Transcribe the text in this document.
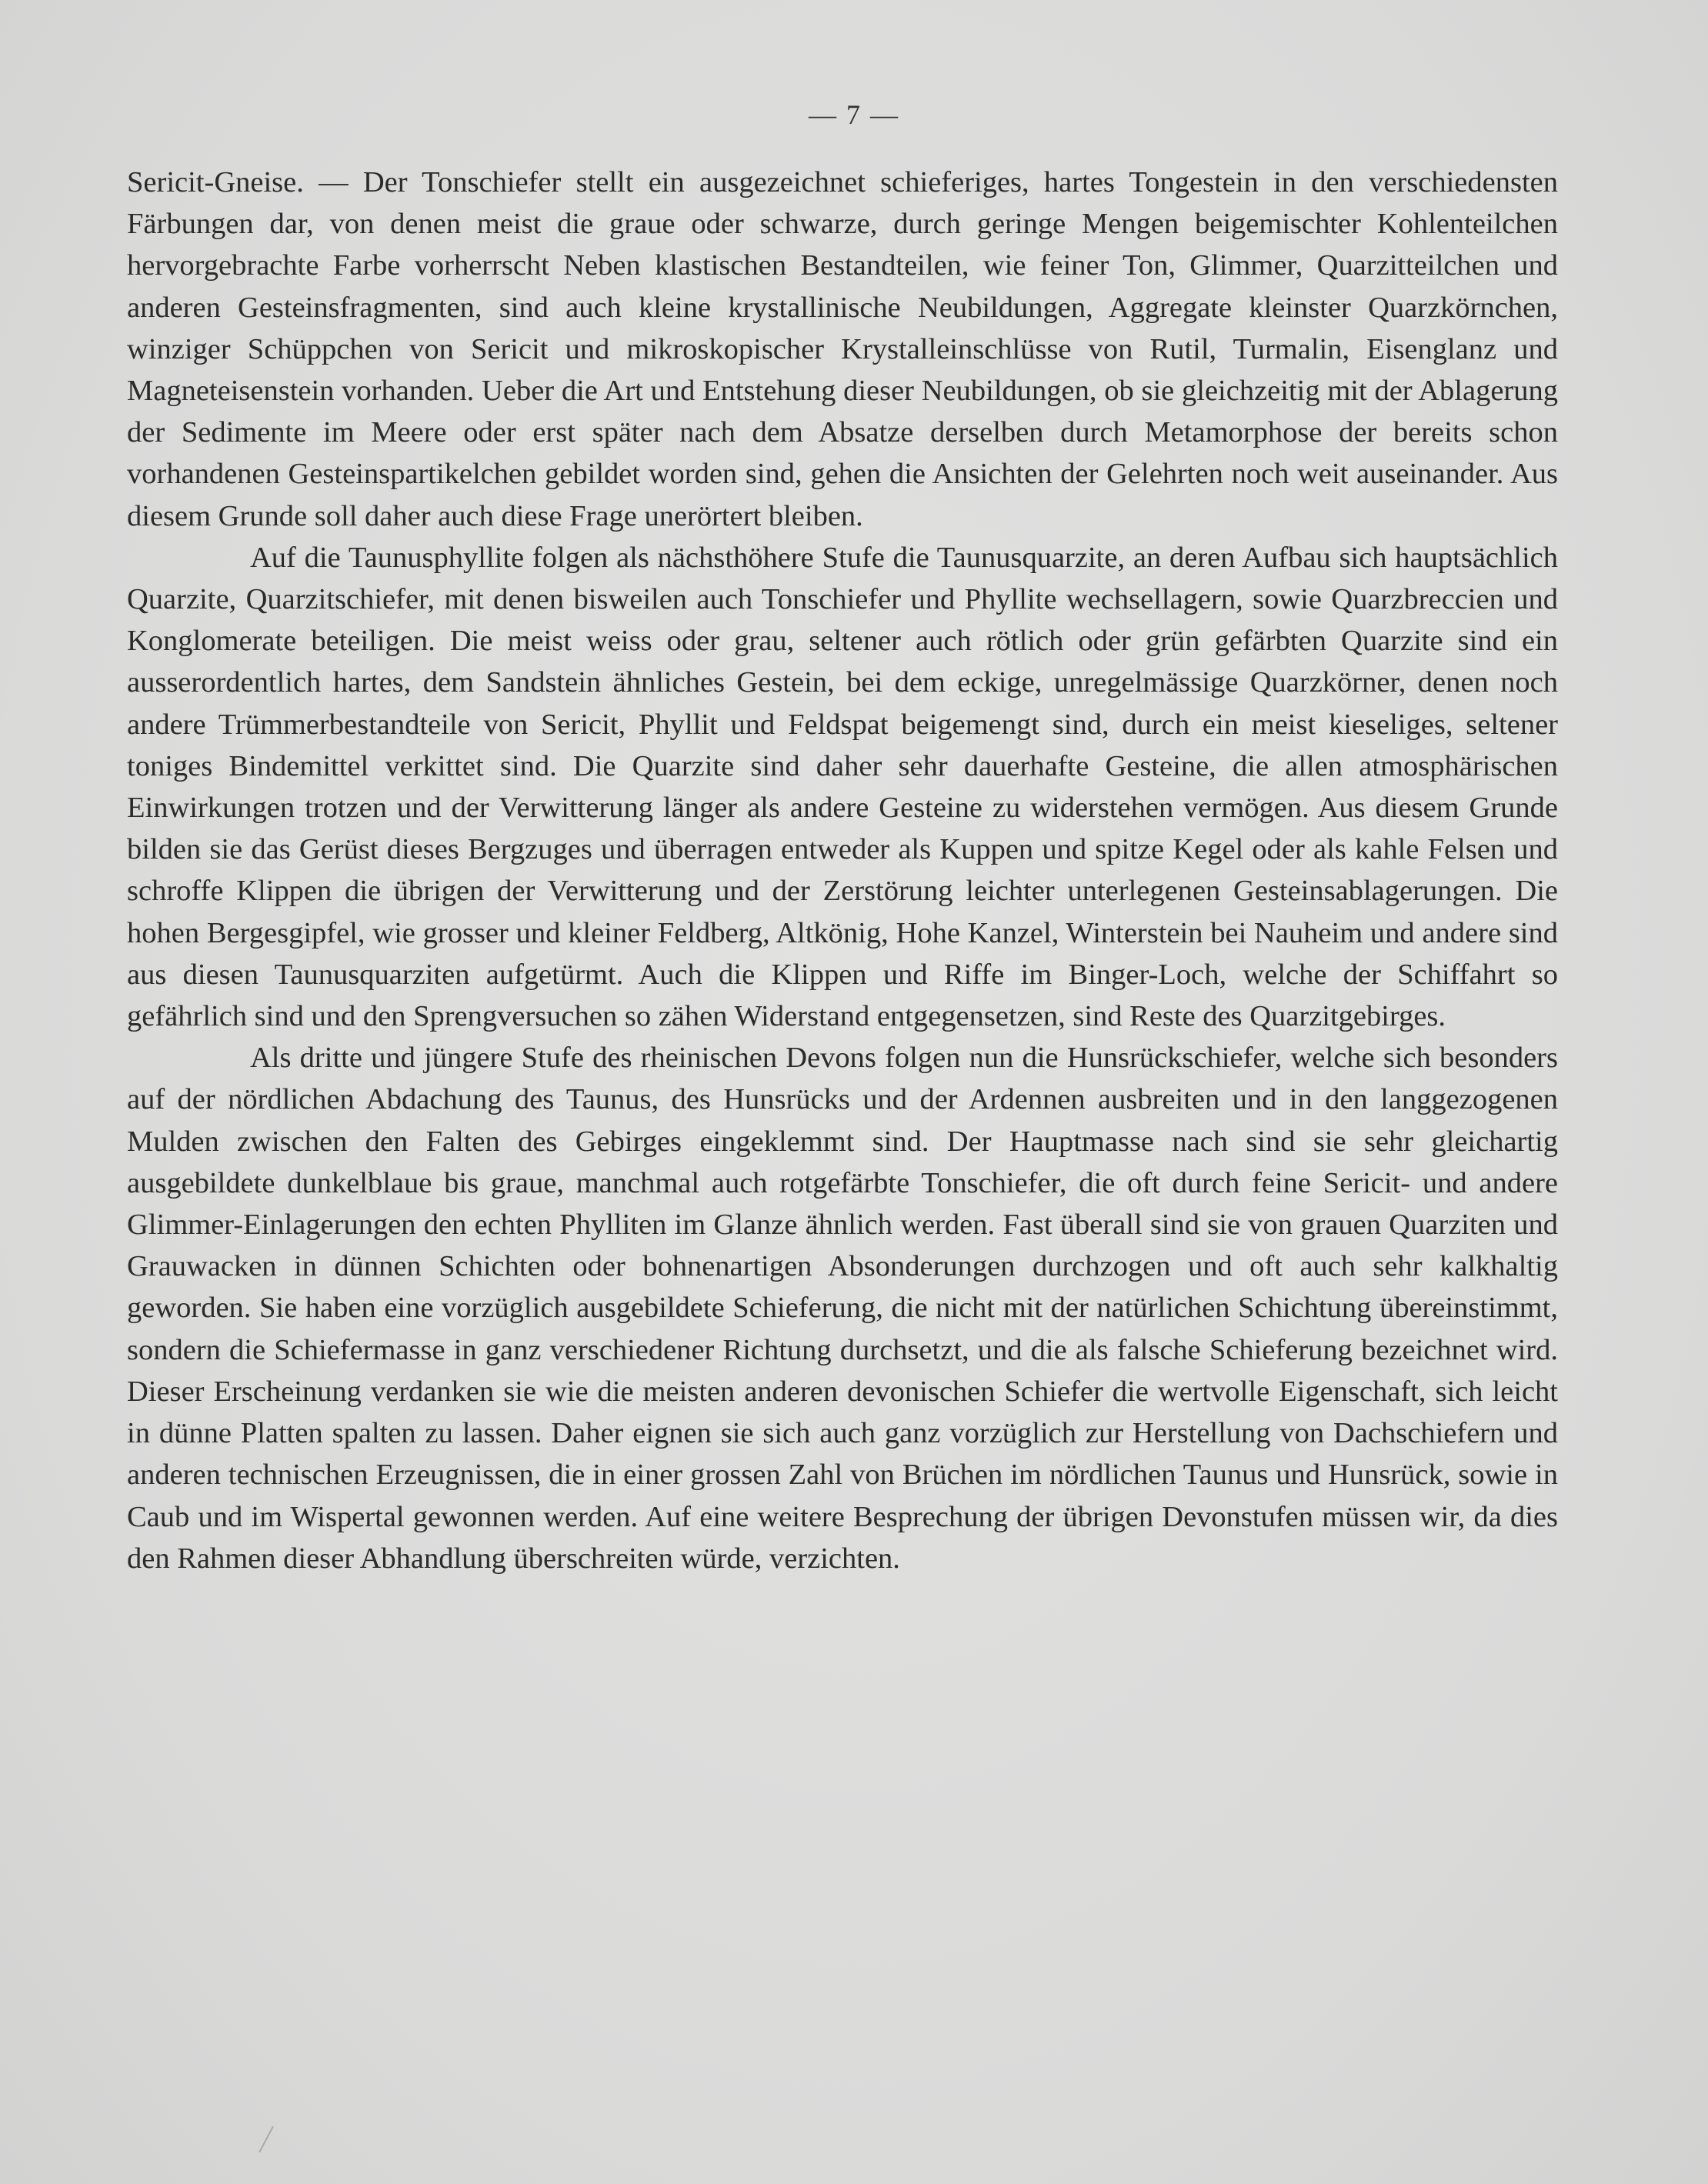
— 7 —

Sericit-Gneise. — Der Tonschiefer stellt ein ausgezeichnet schieferiges, hartes Tongestein in den verschiedensten Färbungen dar, von denen meist die graue oder schwarze, durch geringe Mengen beigemischter Kohlenteilchen hervorgebrachte Farbe vorherrscht Neben klastischen Bestandteilen, wie feiner Ton, Glimmer, Quarzitteilchen und anderen Gesteinsfragmenten, sind auch kleine krystallinische Neubildungen, Aggregate kleinster Quarzkörnchen, winziger Schüppchen von Sericit und mikroskopischer Krystalleinschlüsse von Rutil, Turmalin, Eisenglanz und Magneteisenstein vorhanden. Ueber die Art und Entstehung dieser Neubildungen, ob sie gleichzeitig mit der Ablagerung der Sedimente im Meere oder erst später nach dem Absatze derselben durch Metamorphose der bereits schon vorhandenen Gesteinspartikelchen gebildet worden sind, gehen die Ansichten der Gelehrten noch weit auseinander. Aus diesem Grunde soll daher auch diese Frage unerörtert bleiben.

Auf die Taunusphyllite folgen als nächsthöhere Stufe die Taunusquarzite, an deren Aufbau sich hauptsächlich Quarzite, Quarzitschiefer, mit denen bisweilen auch Tonschiefer und Phyllite wechsellagern, sowie Quarzbreccien und Konglomerate beteiligen. Die meist weiss oder grau, seltener auch rötlich oder grün gefärbten Quarzite sind ein ausserordentlich hartes, dem Sandstein ähnliches Gestein, bei dem eckige, unregelmässige Quarzkörner, denen noch andere Trümmerbestandteile von Sericit, Phyllit und Feldspat beigemengt sind, durch ein meist kieseliges, seltener toniges Bindemittel verkittet sind. Die Quarzite sind daher sehr dauerhafte Gesteine, die allen atmosphärischen Einwirkungen trotzen und der Verwitterung länger als andere Gesteine zu widerstehen vermögen. Aus diesem Grunde bilden sie das Gerüst dieses Bergzuges und überragen entweder als Kuppen und spitze Kegel oder als kahle Felsen und schroffe Klippen die übrigen der Verwitterung und der Zerstörung leichter unterlegenen Gesteinsablagerungen. Die hohen Bergesgipfel, wie grosser und kleiner Feldberg, Altkönig, Hohe Kanzel, Winterstein bei Nauheim und andere sind aus diesen Taunusquarziten aufgetürmt. Auch die Klippen und Riffe im Binger-Loch, welche der Schiffahrt so gefährlich sind und den Sprengversuchen so zähen Widerstand entgegensetzen, sind Reste des Quarzitgebirges.

Als dritte und jüngere Stufe des rheinischen Devons folgen nun die Hunsrückschiefer, welche sich besonders auf der nördlichen Abdachung des Taunus, des Hunsrücks und der Ardennen ausbreiten und in den langgezogenen Mulden zwischen den Falten des Gebirges eingeklemmt sind. Der Hauptmasse nach sind sie sehr gleichartig ausgebildete dunkelblaue bis graue, manchmal auch rotgefärbte Tonschiefer, die oft durch feine Sericit- und andere Glimmer-Einlagerungen den echten Phylliten im Glanze ähnlich werden. Fast überall sind sie von grauen Quarziten und Grauwacken in dünnen Schichten oder bohnenartigen Absonderungen durchzogen und oft auch sehr kalkhaltig geworden. Sie haben eine vorzüglich ausgebildete Schieferung, die nicht mit der natürlichen Schichtung übereinstimmt, sondern die Schiefermasse in ganz verschiedener Richtung durchsetzt, und die als falsche Schieferung bezeichnet wird. Dieser Erscheinung verdanken sie wie die meisten anderen devonischen Schiefer die wertvolle Eigenschaft, sich leicht in dünne Platten spalten zu lassen. Daher eignen sie sich auch ganz vorzüglich zur Herstellung von Dachschiefern und anderen technischen Erzeugnissen, die in einer grossen Zahl von Brüchen im nördlichen Taunus und Hunsrück, sowie in Caub und im Wispertal gewonnen werden. Auf eine weitere Besprechung der übrigen Devonstufen müssen wir, da dies den Rahmen dieser Abhandlung überschreiten würde, verzichten.
